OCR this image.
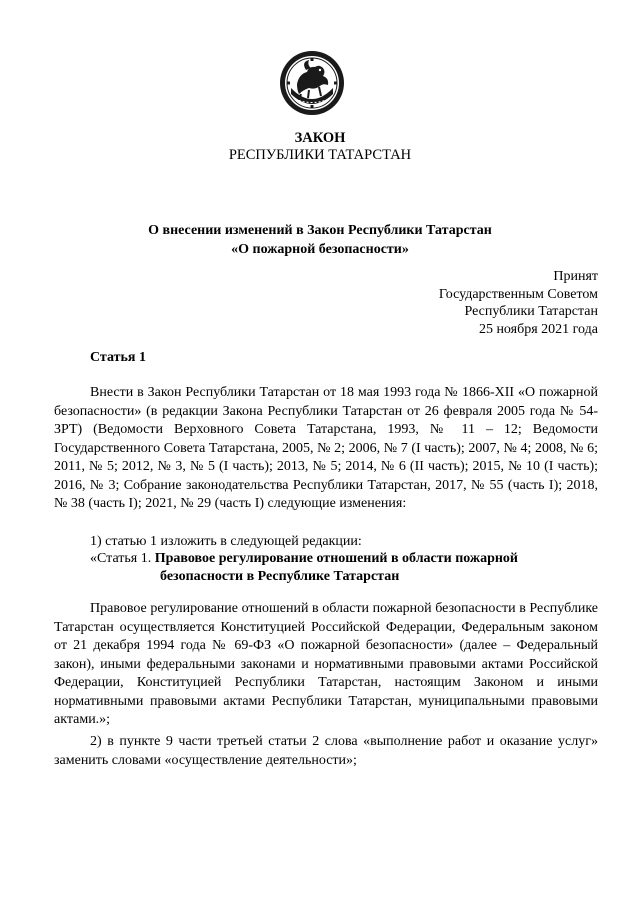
ЗАКОН
РЕСПУБЛИКИ ТАТАРСТАН
О внесении изменений в Закон Республики Татарстан
«О пожарной безопасности»
Принят
Государственным Советом
Республики Татарстан
25 ноября 2021 года
Статья 1
Внести в Закон Республики Татарстан от 18 мая 1993 года № 1866-XII «О пожарной безопасности» (в редакции Закона Республики Татарстан от 26 февраля 2005 года № 54-ЗРТ) (Ведомости Верховного Совета Татарстана, 1993, № 11 – 12; Ведомости Государственного Совета Татарстана, 2005, № 2; 2006, № 7 (I часть); 2007, № 4; 2008, № 6; 2011, № 5; 2012, № 3, № 5 (I часть); 2013, № 5; 2014, № 6 (II часть); 2015, № 10 (I часть); 2016, № 3; Собрание законодательства Республики Татарстан, 2017, № 55 (часть I); 2018, № 38 (часть I); 2021, № 29 (часть I) следующие изменения:
1) статью 1 изложить в следующей редакции:
«Статья 1. Правовое регулирование отношений в области пожарной
безопасности в Республике Татарстан
Правовое регулирование отношений в области пожарной безопасности в Республике Татарстан осуществляется Конституцией Российской Федерации, Федеральным законом от 21 декабря 1994 года № 69-ФЗ «О пожарной безопасности» (далее – Федеральный закон), иными федеральными законами и нормативными правовыми актами Российской Федерации, Конституцией Республики Татарстан, настоящим Законом и иными нормативными правовыми актами Республики Татарстан, муниципальными правовыми актами.»;
2) в пункте 9 части третьей статьи 2 слова «выполнение работ и оказание услуг» заменить словами «осуществление деятельности»;
